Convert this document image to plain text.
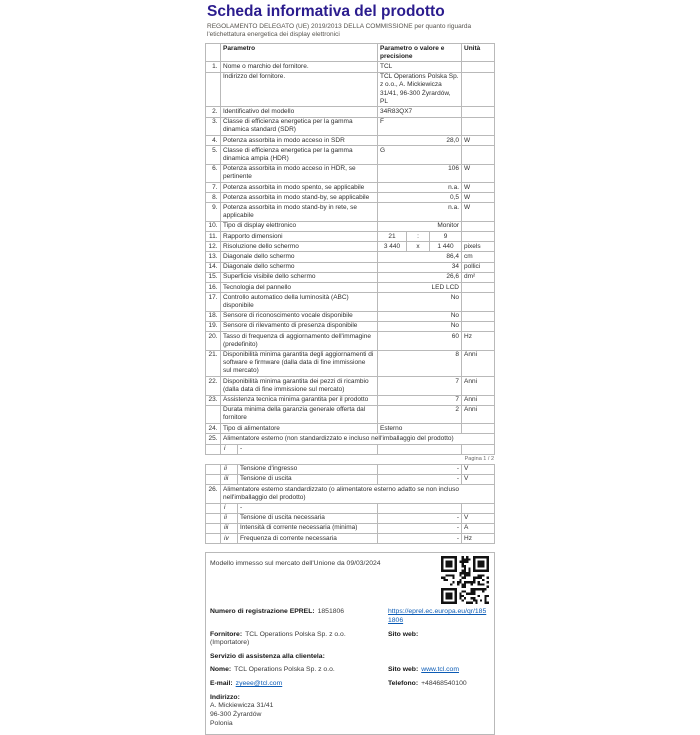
Scheda informativa del prodotto
REGOLAMENTO DELEGATO (UE) 2019/2013 DELLA COMMISSIONE per quanto riguarda l'etichettatura energetica dei display elettronici
	Parametro		Parametro o valore e precisione			Unità
1.	Nome o marchio del fornitore.		TCL			
	Indirizzo del fornitore.		TCL Operations Polska Sp. z o.o., A. Mickiewicza 31/41, 96-300 Żyrardów, PL			
2.	Identificativo del modello		34R83QX7			
3.	Classe di efficienza energetica per la gamma dinamica standard (SDR)		F			
4.	Potenza assorbita in modo acceso in SDR		28,0			W
5.	Classe di efficienza energetica per la gamma dinamica ampia (HDR)		G			
6.	Potenza assorbita in modo acceso in HDR, se pertinente		106			W
7.	Potenza assorbita in modo spento, se applicabile		n.a.			W
8.	Potenza assorbita in modo stand-by, se applicabile		0,5			W
9.	Potenza assorbita in modo stand-by in rete, se applicabile		n.a.			W
10.	Tipo di display elettronico		Monitor			
11.	Rapporto dimensioni		21	:	9	
12.	Risoluzione dello schermo		3 440	x	1 440	pixels
13.	Diagonale dello schermo		86,4			cm
14.	Diagonale dello schermo		34			pollici
15.	Superficie visibile dello schermo		26,6			dm²
16.	Tecnologia del pannello		LED LCD			
17.	Controllo automatico della luminosità (ABC) disponibile		No			
18.	Sensore di riconoscimento vocale disponibile		No			
19.	Sensore di rilevamento di presenza disponibile		No			
20.	Tasso di frequenza di aggiornamento dell'immagine (predefinito)		60			Hz
21.	Disponibilità minima garantita degli aggiornamenti di software e firmware (dalla data di fine immissione sul mercato)		8			Anni
22.	Disponibilità minima garantita dei pezzi di ricambio (dalla data di fine immissione sul mercato)		7			Anni
23.	Assistenza tecnica minima garantita per il prodotto		7			Anni
	Durata minima della garanzia generale offerta dal fornitore		2			Anni
24.	Tipo di alimentatore		Esterno			
25.	Alimentatore esterno (non standardizzato e incluso nell'imballaggio del prodotto)					
	i	-				
Pagina 1 / 2
	ii	Tensione d'ingresso	-	V
	iii	Tensione di uscita	-	V
26.	Alimentatore esterno standardizzato (o alimentatore esterno adatto se non incluso nell'imballaggio del prodotto)			
	i	-		
	ii	Tensione di uscita necessaria	-	V
	iii	Intensità di corrente necessaria (minima)	-	A
	iv	Frequenza di corrente necessaria	-	Hz
Modello immesso sul mercato dell'Unione da 09/03/2024
Numero di registrazione EPREL: 1851806	https://eprel.ec.europa.eu/qr/1851806
Fornitore: TCL Operations Polska Sp. z o.o. (Importatore)
Sito web:
Servizio di assistenza alla clientela:
Nome: TCL Operations Polska Sp. z o.o.	Sito web: www.tcl.com
E-mail: zyeee@tcl.com	Telefono: +48468540100
Indirizzo:
A. Mickiewicza 31/41
96-300 Żyrardów
Polonia
